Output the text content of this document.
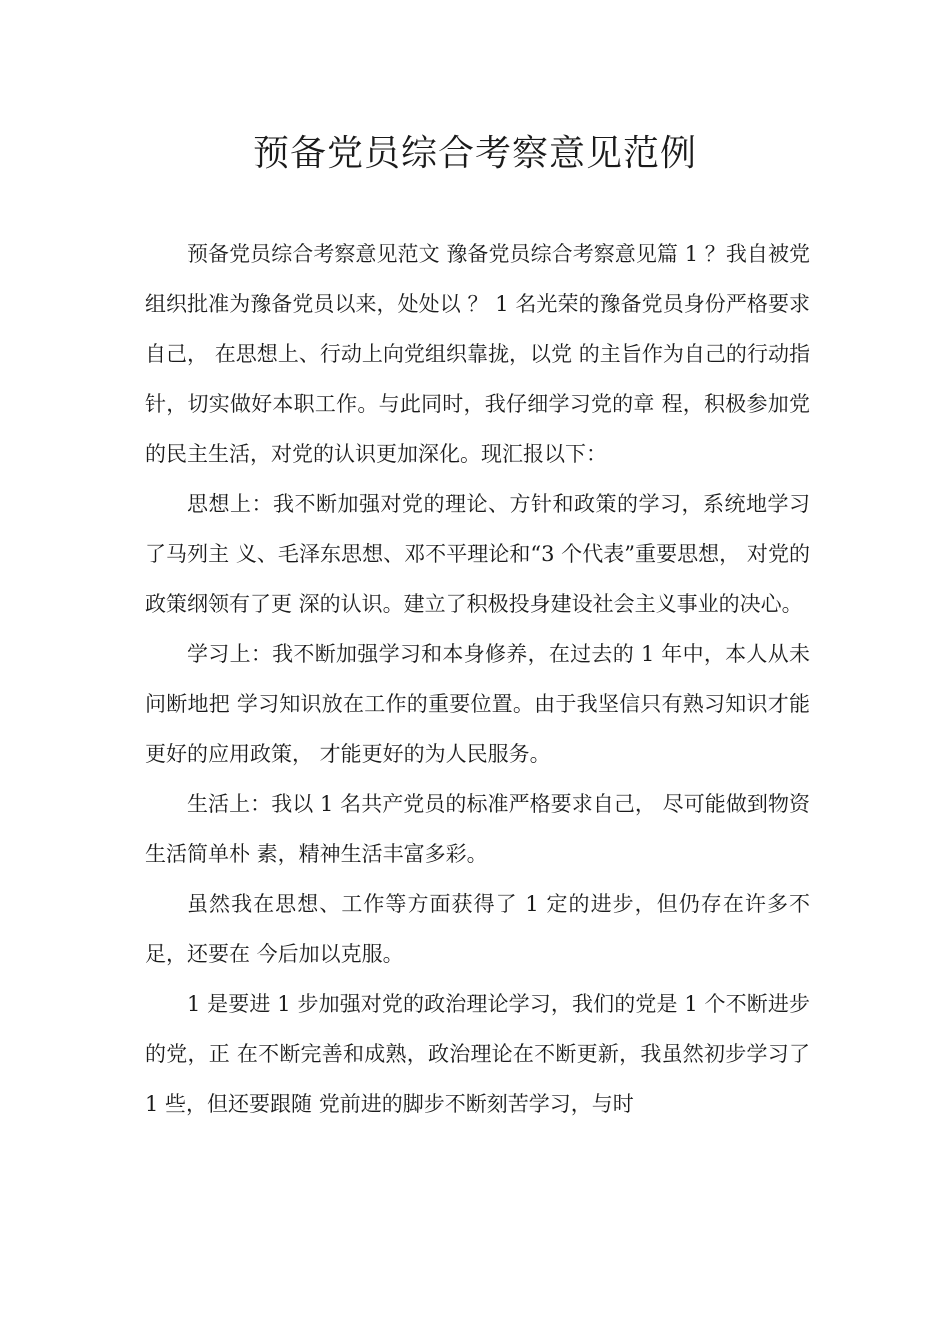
预备党员综合考察意见范例

预备党员综合考察意见范文 豫备党员综合考察意见篇 1 ？我自被党组织批准为豫备党员以来，处处以 ？ 1 名光荣的豫备党员身份严格要求自己， 在思想上、行动上向党组织靠拢，以党 的主旨作为自己的行动指针，切实做好本职工作。与此同时，我仔细学习党的章 程，积极参加党的民主生活，对党的认识更加深化。现汇报以下：

思想上：我不断加强对党的理论、方针和政策的学习，系统地学习了马列主 义、毛泽东思想、邓不平理论和“3 个代表”重要思想， 对党的政策纲领有了更 深的认识。建立了积极投身建设社会主义事业的决心。

学习上：我不断加强学习和本身修养，在过去的 1 年中，本人从未问断地把 学习知识放在工作的重要位置。由于我坚信只有熟习知识才能更好的应用政策， 才能更好的为人民服务。

生活上：我以 1 名共产党员的标准严格要求自己， 尽可能做到物资生活简单朴 素，精神生活丰富多彩。

虽然我在思想、工作等方面获得了 1 定的进步，但仍存在许多不足，还要在 今后加以克服。

1 是要进 1 步加强对党的政治理论学习，我们的党是 1 个不断进步的党，正 在不断完善和成熟，政治理论在不断更新，我虽然初步学习了 1 些，但还要跟随 党前进的脚步不断刻苦学习，与时
